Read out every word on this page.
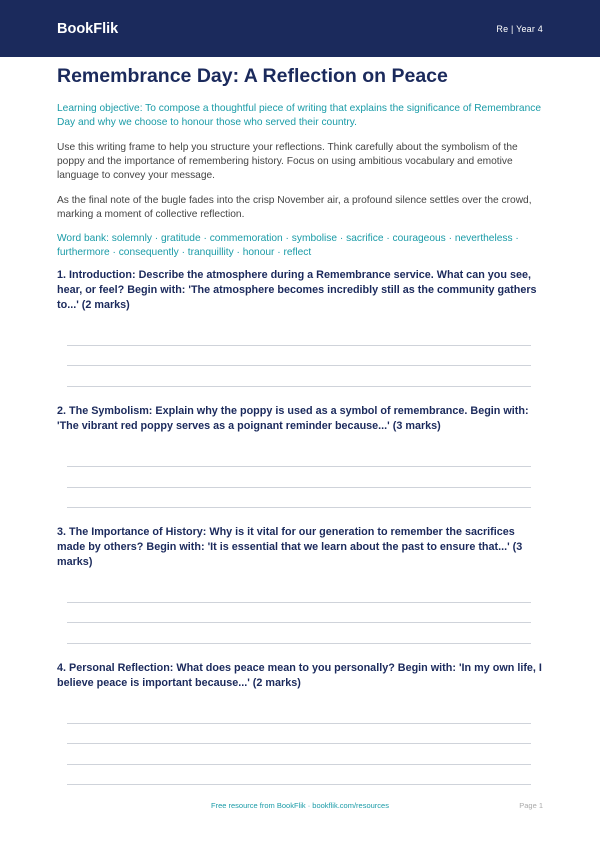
BookFlik	Re | Year 4
Remembrance Day: A Reflection on Peace

Learning objective: To compose a thoughtful piece of writing that explains the significance of Remembrance Day and why we choose to honour those who served their country.

Use this writing frame to help you structure your reflections. Think carefully about the symbolism of the poppy and the importance of remembering history. Focus on using ambitious vocabulary and emotive language to convey your message.

As the final note of the bugle fades into the crisp November air, a profound silence settles over the crowd, marking a moment of collective reflection.

Word bank: solemnly · gratitude · commemoration · symbolise · sacrifice · courageous · nevertheless · furthermore · consequently · tranquillity · honour · reflect

1. Introduction: Describe the atmosphere during a Remembrance service. What can you see, hear, or feel? Begin with: 'The atmosphere becomes incredibly still as the community gathers to...' (2 marks)

2. The Symbolism: Explain why the poppy is used as a symbol of remembrance. Begin with: 'The vibrant red poppy serves as a poignant reminder because...' (3 marks)

3. The Importance of History: Why is it vital for our generation to remember the sacrifices made by others? Begin with: 'It is essential that we learn about the past to ensure that...' (3 marks)

4. Personal Reflection: What does peace mean to you personally? Begin with: 'In my own life, I believe peace is important because...' (2 marks)

Free resource from BookFlik · bookflik.com/resources	Page 1
